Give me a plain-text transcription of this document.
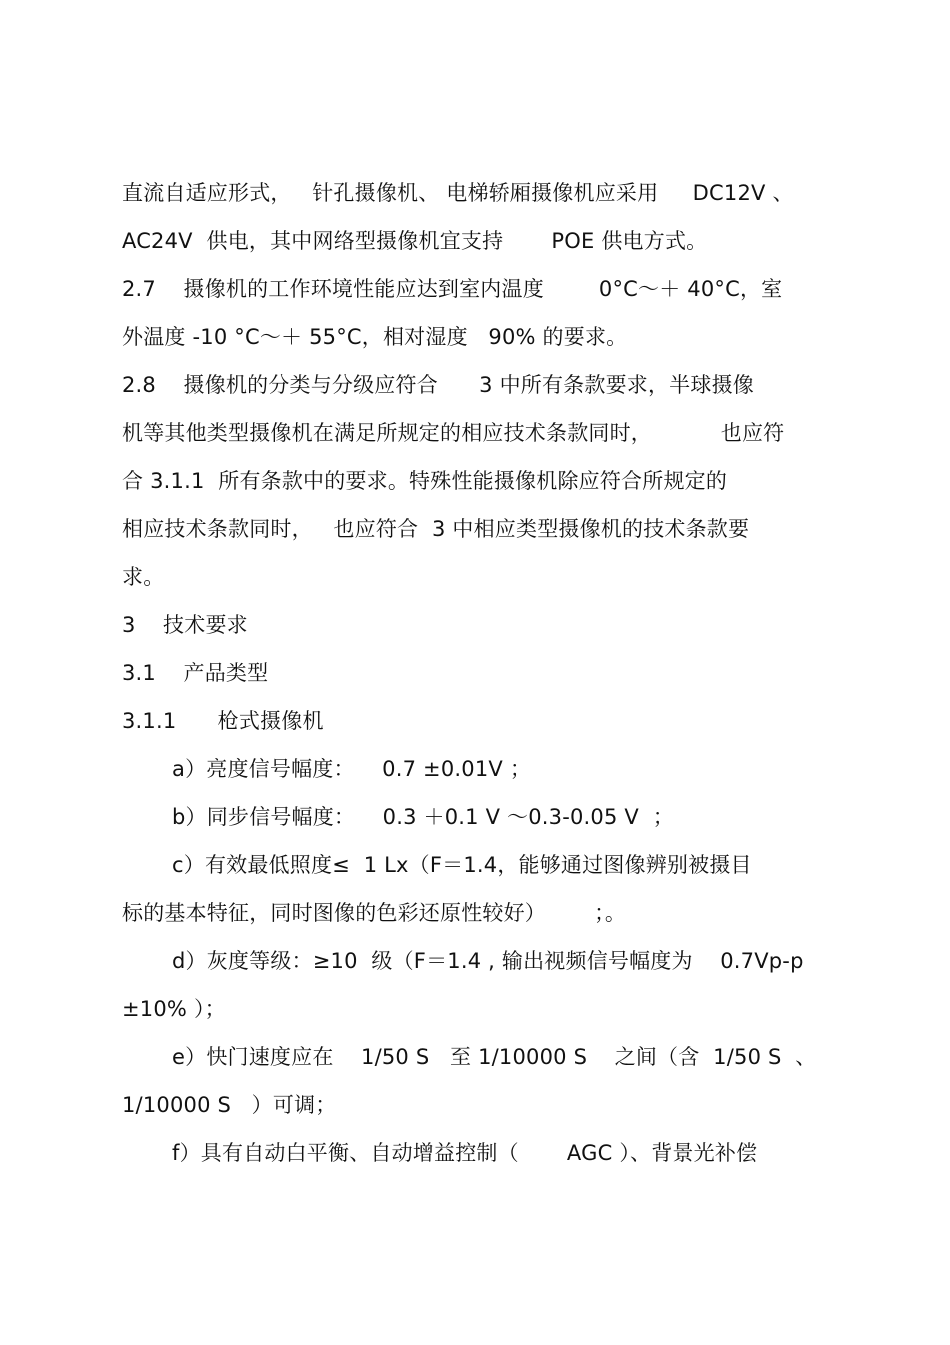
直流自适应形式，   针孔摄像机、 电梯轿厢摄像机应采用     DC12V 、
AC24V  供电，其中网络型摄像机宜支持       POE 供电方式。
2.7    摄像机的工作环境性能应达到室内温度        0°C～＋ 40°C，室
外温度 -10 °C～＋ 55°C，相对湿度   90% 的要求。
2.8    摄像机的分类与分级应符合      3 中所有条款要求，半球摄像
机等其他类型摄像机在满足所规定的相应技术条款同时，          也应符
合 3.1.1  所有条款中的要求。特殊性能摄像机除应符合所规定的
相应技术条款同时，   也应符合  3 中相应类型摄像机的技术条款要
求。
3    技术要求
3.1    产品类型
3.1.1      枪式摄像机
a）亮度信号幅度：    0.7 ±0.01V ；
b）同步信号幅度：    0.3 ＋0.1 V ～0.3-0.05 V  ；
c）有效最低照度≤  1 Lx（F＝1.4，能够通过图像辨别被摄目
标的基本特征，同时图像的色彩还原性较好）       ；。
d）灰度等级：≥10  级（F＝1.4 , 输出视频信号幅度为    0.7Vp-p
±10% ）；
e）快门速度应在    1/50 S   至 1/10000 S    之间（含  1/50 S  、
1/10000 S   ）可调；
f）具有自动白平衡、自动增益控制（       AGC ）、背景光补偿
